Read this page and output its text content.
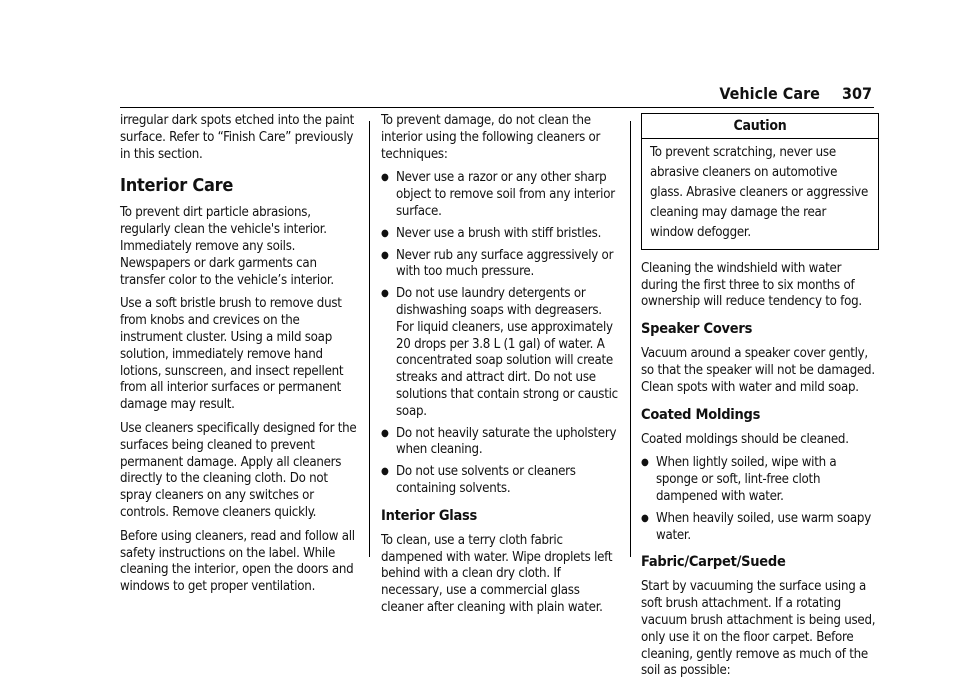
Vehicle Care 307

irregular dark spots etched into the paint surface. Refer to “Finish Care” previously in this section.

Interior Care

To prevent dirt particle abrasions, regularly clean the vehicle's interior. Immediately remove any soils. Newspapers or dark garments can transfer color to the vehicle’s interior.

Use a soft bristle brush to remove dust from knobs and crevices on the instrument cluster. Using a mild soap solution, immediately remove hand lotions, sunscreen, and insect repellent from all interior surfaces or permanent damage may result.

Use cleaners specifically designed for the surfaces being cleaned to prevent permanent damage. Apply all cleaners directly to the cleaning cloth. Do not spray cleaners on any switches or controls. Remove cleaners quickly.

Before using cleaners, read and follow all safety instructions on the label. While cleaning the interior, open the doors and windows to get proper ventilation.

To prevent damage, do not clean the interior using the following cleaners or techniques:

● Never use a razor or any other sharp object to remove soil from any interior surface.
● Never use a brush with stiff bristles.
● Never rub any surface aggressively or with too much pressure.
● Do not use laundry detergents or dishwashing soaps with degreasers. For liquid cleaners, use approximately 20 drops per 3.8 L (1 gal) of water. A concentrated soap solution will create streaks and attract dirt. Do not use solutions that contain strong or caustic soap.
● Do not heavily saturate the upholstery when cleaning.
● Do not use solvents or cleaners containing solvents.
Interior Glass

To clean, use a terry cloth fabric dampened with water. Wipe droplets left behind with a clean dry cloth. If necessary, use a commercial glass cleaner after cleaning with plain water.

Caution
To prevent scratching, never use abrasive cleaners on automotive glass. Abrasive cleaners or aggressive cleaning may damage the rear window defogger.

Cleaning the windshield with water during the first three to six months of ownership will reduce tendency to fog.

Speaker Covers

Vacuum around a speaker cover gently, so that the speaker will not be damaged. Clean spots with water and mild soap.

Coated Moldings

Coated moldings should be cleaned.

● When lightly soiled, wipe with a sponge or soft, lint-free cloth dampened with water.
● When heavily soiled, use warm soapy water.
Fabric/Carpet/Suede

Start by vacuuming the surface using a soft brush attachment. If a rotating vacuum brush attachment is being used, only use it on the floor carpet. Before cleaning, gently remove as much of the soil as possible:
